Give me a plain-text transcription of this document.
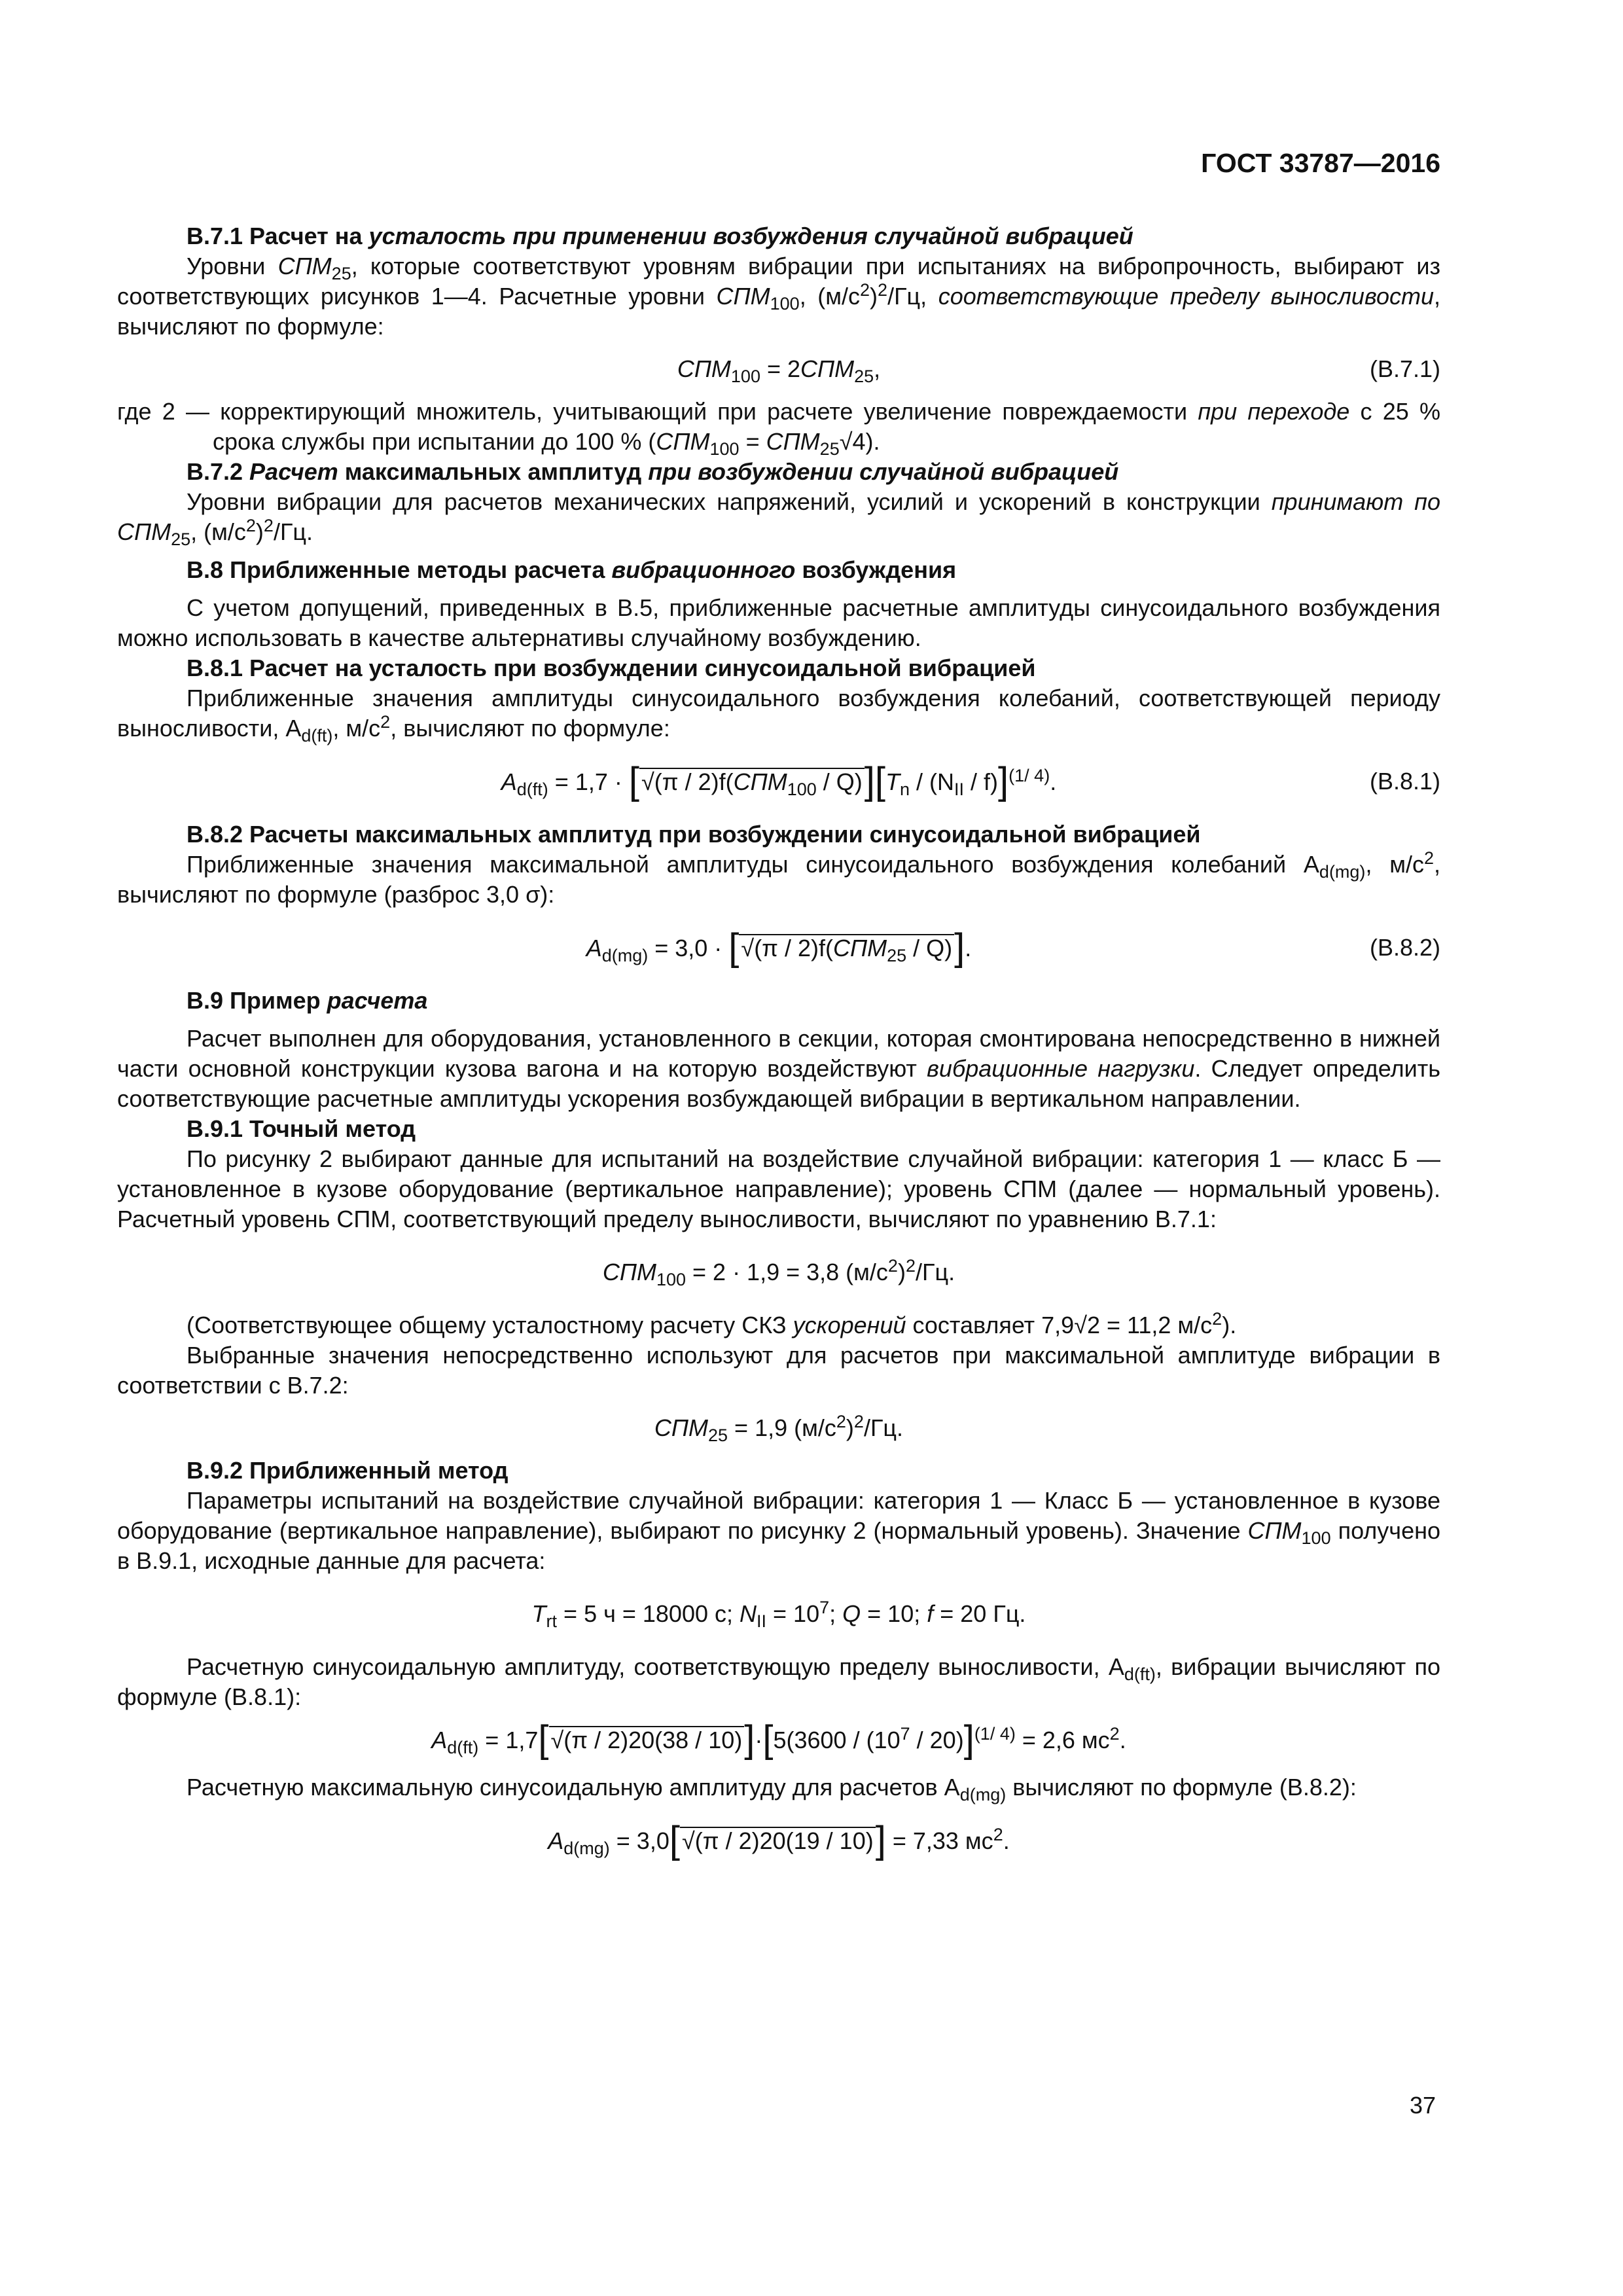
ГОСТ 33787—2016

В.7.1 Расчет на усталость при применении возбуждения случайной вибрацией

Уровни $СПМ_{25}$, которые соответствуют уровням вибрации при испытаниях на вибропрочность, выбирают из соответствующих рисунков 1—4. Расчетные уровни $СПМ_{100}$, $(м/с^2)^2/Гц$, соответствующие пределу выносливости, вычисляют по формуле:

$СПМ_{100} = 2СПМ_{25}$,	(В.7.1)

где 2 — корректирующий множитель, учитывающий при расчете увеличение повреждаемости при переходе с 25 % срока службы при испытании до 100 % $(СПМ_{100} = СПМ_{25}√4)$.

В.7.2 Расчет максимальных амплитуд при возбуждении случайной вибрацией

Уровни вибрации для расчетов механических напряжений, усилий и ускорений в конструкции принимают по $СПМ_{25}$, $(м/с^2)^2/Гц$.

В.8 Приближенные методы расчета вибрационного возбуждения

С учетом допущений, приведенных в В.5, приближенные расчетные амплитуды синусоидального возбуждения можно использовать в качестве альтернативы случайному возбуждению.

В.8.1 Расчет на усталость при возбуждении синусоидальной вибрацией

Приближенные значения амплитуды синусоидального возбуждения колебаний, соответствующей периоду выносливости, $A_{d(ft)}$, $м/с^2$, вычисляют по формуле:

$A_{d(ft)} = 1,7 \cdot [√(\pi / 2)f(СПМ_{100} / Q)][T_n / (N_{II} / f)]^{(1/ 4)}$.	(В.8.1)

В.8.2 Расчеты максимальных амплитуд при возбуждении синусоидальной вибрацией

Приближенные значения максимальной амплитуды синусоидального возбуждения колебаний $A_{d(mg)}$, $м/с^2$, вычисляют по формуле (разброс 3,0 σ):

$A_{d(mg)} = 3,0 \cdot [√(\pi / 2)f(СПМ_{25} / Q)]$.	(В.8.2)

В.9 Пример расчета

Расчет выполнен для оборудования, установленного в секции, которая смонтирована непосредственно в нижней части основной конструкции кузова вагона и на которую воздействуют вибрационные нагрузки. Следует определить соответствующие расчетные амплитуды ускорения возбуждающей вибрации в вертикальном направлении.

В.9.1 Точный метод

По рисунку 2 выбирают данные для испытаний на воздействие случайной вибрации: категория 1 — класс Б — установленное в кузове оборудование (вертикальное направление); уровень СПМ (далее — нормальный уровень). Расчетный уровень СПМ, соответствующий пределу выносливости, вычисляют по уравнению В.7.1:

$СПМ_{100} = 2 \cdot 1,9 = 3,8$ $(м/с^2)^2/Гц$.

(Соответствующее общему усталостному расчету СКЗ ускорений составляет 7,9√2 = 11,2 $м/с^2$).

Выбранные значения непосредственно используют для расчетов при максимальной амплитуде вибрации в соответствии с В.7.2:

$СПМ_{25} = 1,9$ $(м/с^2)^2/Гц$.

В.9.2 Приближенный метод

Параметры испытаний на воздействие случайной вибрации: категория 1 — Класс Б — установленное в кузове оборудование (вертикальное направление), выбирают по рисунку 2 (нормальный уровень). Значение $СПМ_{100}$ получено в В.9.1, исходные данные для расчета:

$T_{rt} = 5$ ч = 18000 с; $N_{II} = 10^7$; Q = 10; f = 20 Гц.

Расчетную синусоидальную амплитуду, соответствующую пределу выносливости, $A_{d(ft)}$, вибрации вычисляют по формуле (В.8.1):

$A_{d(ft)} = 1,7[√(\pi / 2)20(38 / 10)]\cdot[5(3600 / (10^7 / 20)]^{(1/ 4)} = 2,6$ $мс^2$.

Расчетную максимальную синусоидальную амплитуду для расчетов $A_{d(mg)}$ вычисляют по формуле (В.8.2):

$A_{d(mg)} = 3,0[√(\pi / 2)20(19 / 10)] = 7,33$ $мс^2$.
37
